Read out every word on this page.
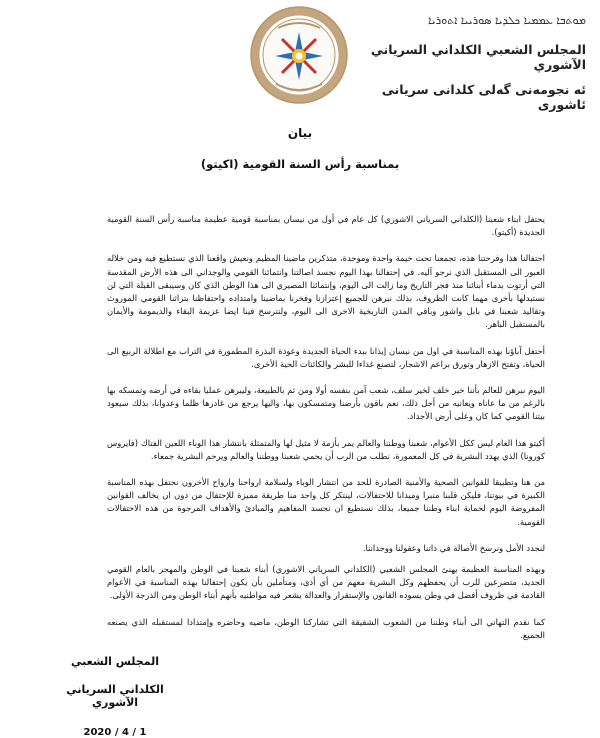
ܡܘܬܒܐ ܥܡܡܝܐ ܟܠܕܝܐ ܣܘܪܝܝܐ ܐܬܘܪܝܐ
المجلس الشعبي الكلداني السرياني الآشوري
ئه نجومه‌نی گه‌لی كلدانی سريانی ئاشوری
بيان
بمناسبة رأس السنة القومية (اكيتو)

يحتفل ابناء شعبنا (الكلداني السرياني الاشوري) كل عام في أول من نيسان بمناسبة قومية عظيمة مناسبة رأس السنة القومية الجديدة (أكيتو).

احتفالنا هذا وفرحتنا هذه، تجمعنا تحت خيمة واحدة وموحدة، متذكرين ماضينا المظيم ونعيش واقعنا الذي نستطيع فيه ومن خلاله العبور الى المستقبل الذي نرجو آليه. في إحتفالنا بهذا اليوم نجسد اصالتنا وانتمائنا القومي والوجداني الى هذه الأرض المقدسة التي أرتوت بدماء أبنائنا منذ فجر التاريخ وما زالت الى اليوم، وإنتمائنا المصيري الى هذا الوطن الذي كان وسيبقى القبلة التي لن نستبدلها بأخرى مهما كانت الظروف، بذلك نبرهن للجميع إعتزازنا وفخرنا بماضينا وامتداده واحتفاظنا بتراثنا القومي الموروث وتقاليد شعبنا في بابل واشور وباقي المدن التاريخية الاخرى الى اليوم، ولنترسخ فينا ايضا عزيمة البقاء والديمومة والأيمان بالمستقبل الباهر.

أحتفل آباؤنا بهذه المناسبة في اول من نيسان إيذانا ببدء الحياة الجديدة وعودة البذرة المطمورة في التراب مع اطلالة الربيع الى الحياة، وتفتح الازهار وتورق براعم الاشجار، لتصنع غذاءا للبشر والكائنات الحية الأخرى.

اليوم نبرهن للعالم بأننا خير خلف لخير سلف، شعب آمن بنفسه أولا ومن ثم بالطبيعة، وليبرهن عمليا بقاءه في أرضه وتمسكه بها بالرغم من ما عاناه ويعانيه من أجل ذلك، نعم باقون بأرضنا ومتمسكون بها، واليها يرجع من غادرها ظلما وعدوانا، بذلك سيعود بيتنا القومي كما كان وعلى أرض الأجداد.

أكيتو هذا العام ليس ككل الأعوام، شعبنا ووطننا والعالم يمر بأزمة لا مثيل لها والمتمثلة بانتشار هذا الوباء اللعين الفتاك (فايروس كورونا) الذي يهدد البشرية في كل المعمورة، نطلب من الرب أن يحمي شعبنا ووطننا والعالم ويرحم البشرية جمعاء.

من هنا وتطبيقا للقوانين الصحية والأمنية الصادرة للحد من انتشار الوباء ولسلامة ارواحنا وارواح الأخرون نحتفل بهذه المناسبة الكبيرة في بيوتنا، فليكن قلبنا منبرا وميدانا للاحتفالات، لينتكر كل واحد منا طريقة مميزة للإحتفال من دون ان يخالف القوانين المفروضة اليوم لحماية ابناء وطننا جميعا، بذلك نستطيع ان نجسد المفاهيم والمبادئ والأهداف المرجوة من هذه الاحتفالات القومية.

لنجدد الأمل ونرسخ الأصالة في ذاتنا وعقولنا ووجداننا.

وبهذه المناسبة العظيمة يهنئ المجلس الشعبي (الكلداني السرياني الاشوري) أبناء شعبنا في الوطن والمهجر بالعام القومي الجديد، متضرعين للرب أن يحفظهم وكل البشرية معهم من أي أذى، ومتأملين بأن يكون إحتفالنا بهذه المناسبة في الأعوام القادمة في ظروف أفضل في وطن يسوده القانون والإستقرار والعدالة يشعر فيه مواطنيه بأنهم أبناء الوطن ومن الدرجة الأولى.

كما نقدم التهاني الى أبناء وطننا من الشعوب الشقيقة التي تشاركنا الوطن، ماضيه وحاضره وإمتدادا لمستقبله الذي يصنعه الجميع.

المجلس الشعبي
الكلداني السرياني الآشوري
2020 / 4 / 1
